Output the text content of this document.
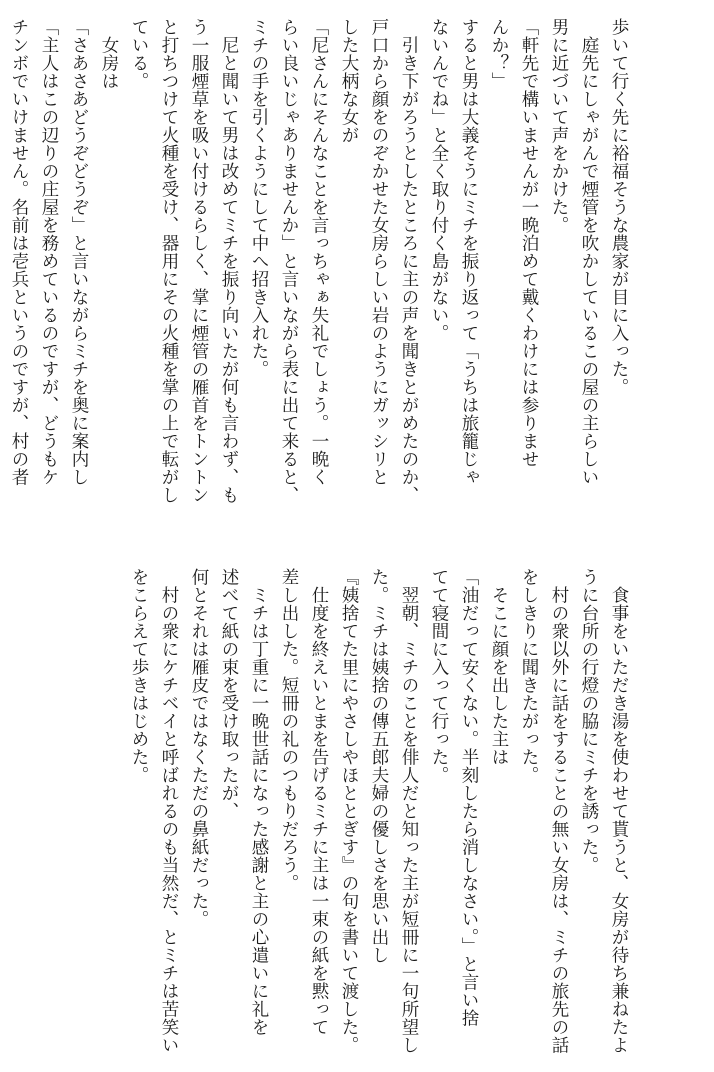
歩いて行く先に裕福そうな農家が目に入った。
庭先にしゃがんで煙管を吹かしているこの屋の主らしい
男に近づいて声をかけた。
「軒先で構いませんが一晩泊めて戴くわけには参りませ
んか？」
すると男は大義そうにミチを振り返って「うちは旅籠じゃ
ないんでね」と全く取り付く島がない。
引き下がろうとしたところに主の声を聞きとがめたのか、
戸口から顔をのぞかせた女房らしい岩のようにガッシリと
した大柄な女が
「尼さんにそんなことを言っちゃぁ失礼でしょう。一晩く
らい良いじゃありませんか」と言いながら表に出て来ると、
ミチの手を引くようにして中へ招き入れた。
尼と聞いて男は改めてミチを振り向いたが何も言わず、も
う一服煙草を吸い付けるらしく、掌に煙管の雁首をトントン
と打ちつけて火種を受け、器用にその火種を掌の上で転がし
ている。
女房は
「さあさあどうぞどうぞ」と言いながらミチを奥に案内し
「主人はこの辺りの庄屋を務めているのですが、どうもケ
チンボでいけません。名前は壱兵というのですが、村の者
食事をいただき湯を使わせて貰うと、女房が待ち兼ねたよ
うに台所の行燈の脇にミチを誘った。
村の衆以外に話をすることの無い女房は、ミチの旅先の話
をしきりに聞きたがった。
そこに顔を出した主は
「油だって安くない。半刻したら消しなさい。」と言い捨
てて寝間に入って行った。
翌朝、ミチのことを俳人だと知った主が短冊に一句所望し
た。ミチは姨捨の傳五郎夫婦の優しさを思い出し
『姨捨てた里にやさしやほととぎす』の句を書いて渡した。
仕度を終えいとまを告げるミチに主は一束の紙を黙って
差し出した。短冊の礼のつもりだろう。
ミチは丁重に一晩世話になった感謝と主の心遣いに礼を
述べて紙の束を受け取ったが、
何とそれは雁皮ではなくただの鼻紙だった。
村の衆にケチベイと呼ばれるのも当然だ、とミチは苦笑い
をこらえて歩きはじめた。
